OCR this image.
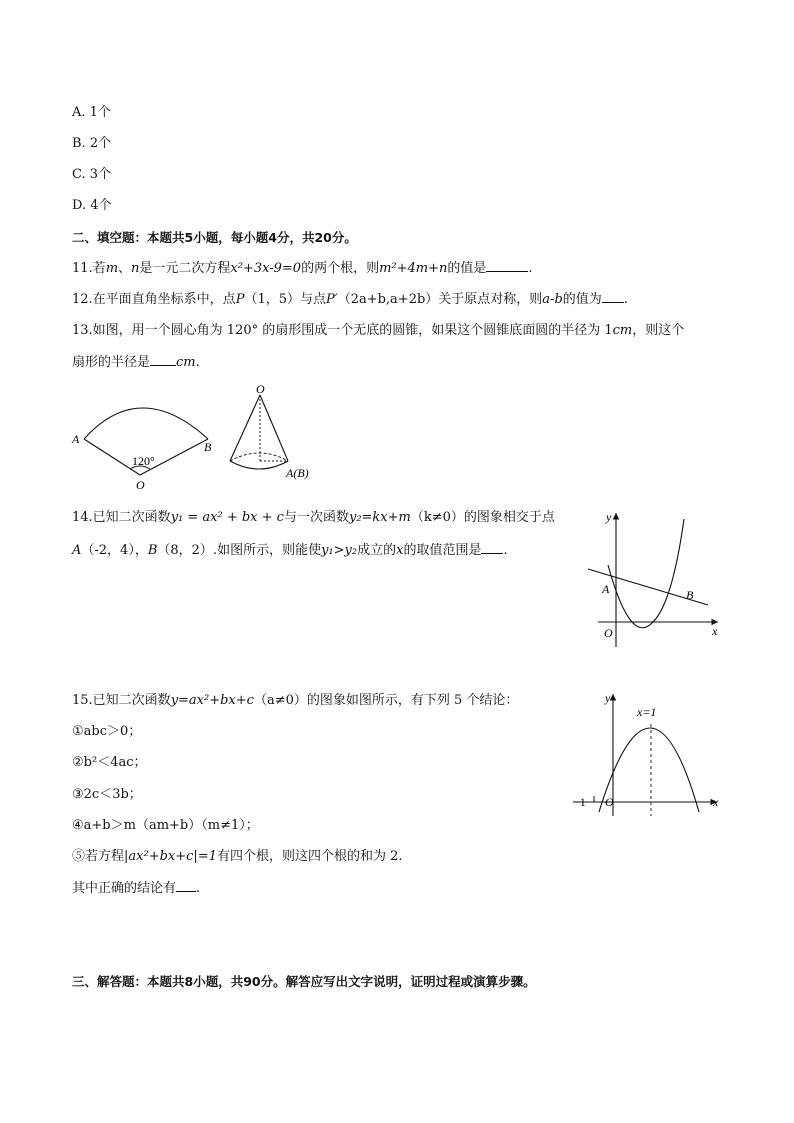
A. 1个
B. 2个
C. 3个
D. 4个
二、填空题：本题共5小题，每小题4分，共20分。
11.若m、n是一元二次方程x²+3x-9=0的两个根，则m²+4m+n的值是	.
12.在平面直角坐标系中，点P（1，5）与点P′（2a+b,a+2b）关于原点对称，则a-b的值为 .
13.如图，用一个圆心角为 120° 的扇形围成一个无底的圆锥，如果这个圆锥底面圆的半径为 1cm，则这个
扇形的半径是 cm.
A
B
120°
O
O
A(B)
14.已知二次函数y₁ = ax² + bx + c与一次函数y₂=kx+m（k≠0）的图象相交于点
A（-2，4），B（8，2）.如图所示，则能使y₁>y₂成立的x的取值范围是 .
y
x
A	B
O
15.已知二次函数y=ax²+bx+c（a≠0）的图象如图所示，有下列 5 个结论：
①abc＞0；
②b²＜4ac；
③2c＜3b；
④a+b＞m（am+b）（m≠1）；
⑤若方程|ax²+bx+c|=1有四个根，则这四个根的和为 2.
其中正确的结论有 .
y
x
x=1
−1 O
三、解答题：本题共8小题，共90分。解答应写出文字说明，证明过程或演算步骤。
